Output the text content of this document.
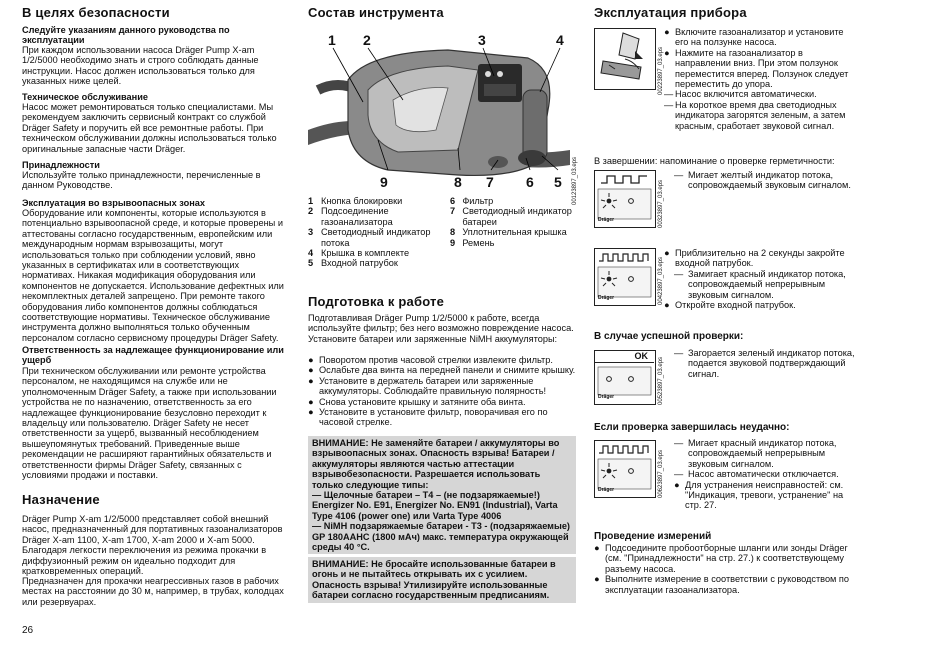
В целях безопасности
Следуйте указаниям данного руководства по эксплуатации
При каждом использовании насоса Dräger Pump X-am 1/2/5000 необходимо знать и строго соблюдать данные инструкции. Насос должен использоваться только для указанных ниже целей.
Техническое обслуживание
Насос может ремонтироваться только специалистами. Мы рекомендуем заключить сервисный контракт со службой Dräger Safety и поручить ей все ремонтные работы. При техническом обслуживании должны использоваться только оригинальные запасные части Dräger.
Принадлежности
Используйте только принадлежности, перечисленные в данном Руководстве.
Эксплуатация во взрывоопасных зонах
Оборудование или компоненты, которые используются в потенциально взрывоопасной среде, и которые проверены и аттестованы согласно государственным, европейским или международным нормам взрывозащиты, могут использоваться только при соблюдении условий, явно указанных в сертификатах или в соответствующих нормативах. Никакая модификация оборудования или компонентов не допускается. Использование дефектных или некомплектных деталей запрещено. При ремонте такого оборудования либо компонентов должны соблюдаться соответствующие нормативы. Техническое обслуживание инструмента должно выполняться только обученным персоналом согласно сервисному процедуры Dräger Safety.
Ответственность за надлежащее функционирование или ущерб
При техническом обслуживании или ремонте устройства персоналом, не находящимся на службе или не уполномоченным Dräger Safety, а также при использовании устройства не по назначению, ответственность за его надлежащее функционирование безусловно переходит к владельцу или пользователю. Dräger Safety не несет ответственности за ущерб, вызванный несоблюдением вышеупомянутых требований. Приведенные выше рекомендации не расширяют гарантийных обязательств и ответственности фирмы Dräger Safety, связанных с условиями продажи и поставки.
Назначение
Dräger Pump X-am 1/2/5000 представляет собой внешний насос, предназначенный для портативных газоанализаторов Dräger X-am 1100, X-am 1700, X-am 2000 и X-am 5000. Благодаря легкости переключения из режима прокачки в диффузионный режим он идеально подходит для кратковременных операций.
Предназначен для прокачки неагрессивных газов в рабочих местах на расстоянии до 30 м, например, в трубах, колодцах или резервуарах.
26
Состав инструмента
1 2	3	4
9	8 7 6 5 00123897_03.eps
1	Кнопка блокировки
2	Подсоединение газоанализатора
3	Светодиодный индикатор потока
4	Крышка в комплекте
5	Входной патрубок
6	Фильтр
7	Светодиодный индикатор батареи
8	Уплотнительная крышка
9	Ремень
Подготовка к работе
Подготавливая Dräger Pump 1/2/5000 к работе, всегда используйте фильтр; без него возможно повреждение насоса.
Установите батареи или заряженные NiMH аккумуляторы:
● Поворотом против часовой стрелки извлеките фильтр.
● Ослабьте два винта на передней панели и снимите крышку.
● Установите в держатель батареи или заряженные аккумуляторы. Соблюдайте правильную полярность!
● Снова установите крышку и затяните оба винта.
● Установите в установите фильтр, поворачивая его по часовой стрелке.
ВНИМАНИЕ: Не заменяйте батареи / аккумуляторы во взрывоопасных зонах. Опасность взрыва! Батареи / аккумуляторы являются частью аттестации взрывобезопасности. Разрешается использовать только следующие типы:
— Щелочные батареи – T4 – (не подзаряжаемые!) Energizer No. E91, Energizer No. EN91 (Industrial), Varta Type 4106 (power one) или Varta Type 4006
— NiMH подзаряжаемые батареи - T3 - (подзаряжаемые) GP 180AAHC (1800 мАч) макс. температура окружающей среды 40 °C.
ВНИМАНИЕ: Не бросайте использованные батареи в огонь и не пытайтесь открывать их с усилием. Опасность взрыва! Утилизируйте использованные батареи согласно государственным предписаниям.
Эксплуатация прибора
00223897_03.eps
● Включите газоанализатор и установите его на ползунке насоса.
● Нажмите на газоанализатор в направлении вниз. При этом ползунок переместится вперед. Ползунок следует переместить до упора.
— Насос включится автоматически.
— На короткое время два светодиодных индикатора загорятся зеленым, а затем красным, сработает звуковой сигнал.
В завершении: напоминание о проверке герметичности:
Dräger	00323897_03.eps
— Мигает желтый индикатор потока, сопровождаемый звуковым сигналом.
Dräger	00423897_03.eps
● Приблизительно на 2 секунды закройте входной патрубок.
— Замигает красный индикатор потока, сопровождаемый непрерывным звуковым сигналом.
● Откройте входной патрубок.
В случае успешной проверки:
OK
Dräger	00523897_03.eps
— Загорается зеленый индикатор потока, подается звуковой подтверждающий сигнал.
Если проверка завершилась неудачно:
Dräger	00623897_03.eps
— Мигает красный индикатор потока, сопровождаемый непрерывным звуковым сигналом.
— Насос автоматически отключается.
● Для устранения неисправностей: см. "Индикация, тревоги, устранение" на стр. 27.
Проведение измерений
● Подсоедините пробоотборные шланги или зонды Dräger (см. "Принадлежности" на стр. 27.) к соответствующему разъему насоса.
● Выполните измерение в соответствии с руководством по эксплуатации газоанализатора.
